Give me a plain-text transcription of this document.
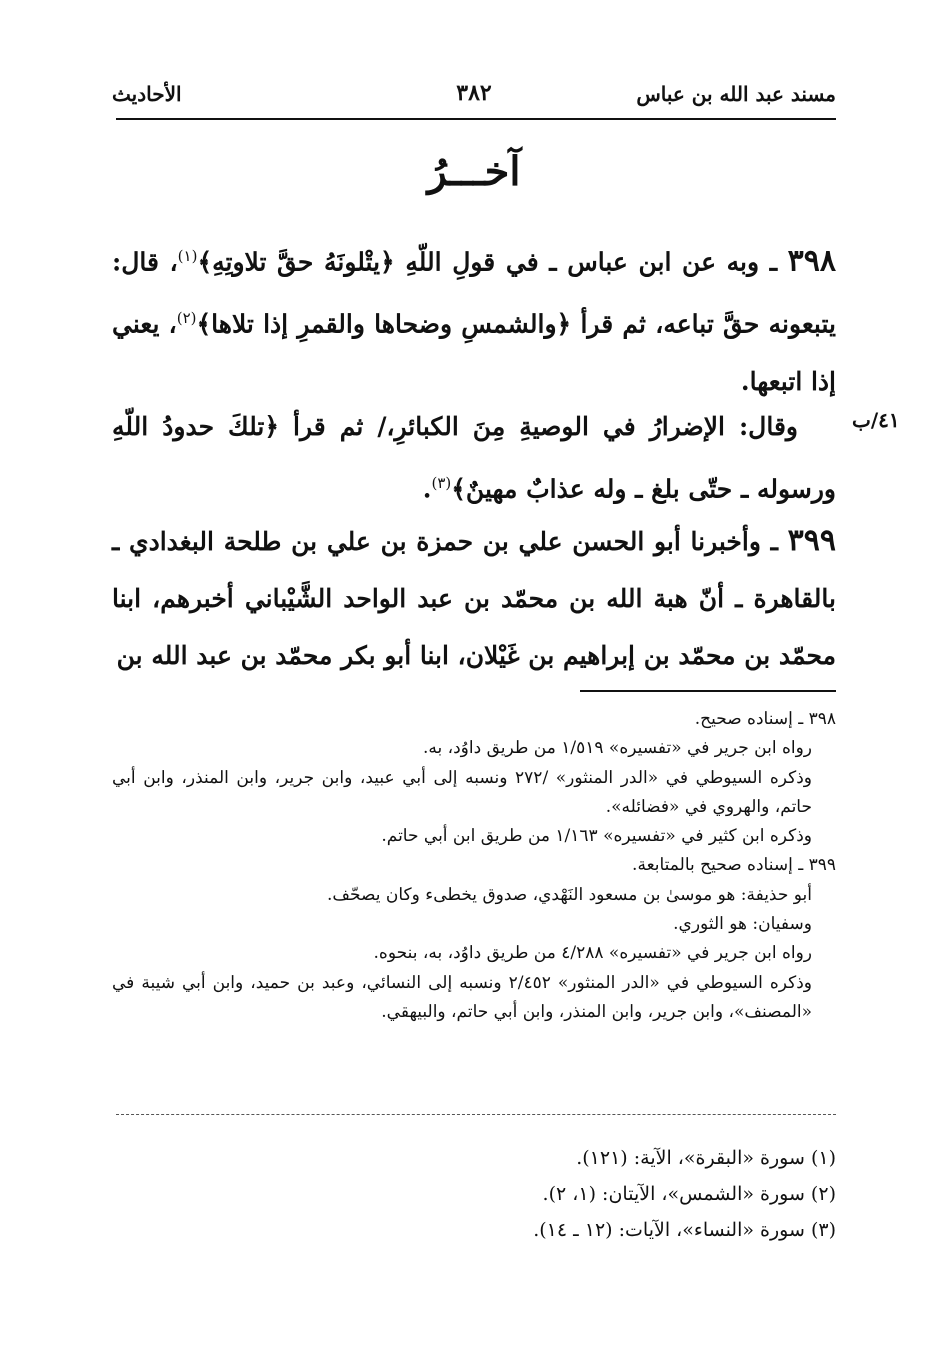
مسند عبد الله بن عباس
٣٨٢
الأحاديث
آخـــرُ
٣٩٨ ـ وبه عن ابن عباس ـ في قولِ اللّهِ ﴿يتْلونَهُ حقَّ تلاوتِهِ﴾$^{(١)}$، قال: يتبعونه حقَّ تباعه، ثم قرأ ﴿والشمسِ وضحاها والقمرِ إذا تلاها﴾$^{(٢)}$، يعني إذا اتبعها.
٤١/ب
وقال: الإضرارُ في الوصيةِ مِنَ الكبائرِ،/ ثم قرأ ﴿تلكَ حدودُ اللّهِ ورسوله ـ حتّى بلغ ـ وله عذابٌ مهينٌ﴾$^{(٣)}$.
٣٩٩ ـ وأخبرنا أبو الحسن علي بن حمزة بن علي بن طلحة البغدادي ـ بالقاهرة ـ أنّ هبة الله بن محمّد بن عبد الواحد الشَّيْباني أخبرهم، ابنا محمّد بن محمّد بن إبراهيم بن غَيْلان، ابنا أبو بكر محمّد بن عبد الله بن
٣٩٨ ـ إسناده صحيح.
رواه ابن جرير في «تفسيره» ١/٥١٩ من طريق داوُد، به.
وذكره السيوطي في «الدر المنثور» /٢٧٢ ونسبه إلى أبي عبيد، وابن جرير، وابن المنذر، وابن أبي حاتم، والهروي في «فضائله».
وذكره ابن كثير في «تفسيره» ١/١٦٣ من طريق ابن أبي حاتم.
٣٩٩ ـ إسناده صحيح بالمتابعة.
أبو حذيفة: هو موسىٰ بن مسعود النَهْدي، صدوق يخطىء وكان يصحّف.
وسفيان: هو الثوري.
رواه ابن جرير في «تفسيره» ٤/٢٨٨ من طريق داوُد، به، بنحوه.
وذكره السيوطي في «الدر المنثور» ٢/٤٥٢ ونسبه إلى النسائي، وعبد بن حميد، وابن أبي شيبة في «المصنف»، وابن جرير، وابن المنذر، وابن أبي حاتم، والبيهقي.
(١) سورة «البقرة»، الآية: (١٢١).
(٢) سورة «الشمس»، الآيتان: (١، ٢).
(٣) سورة «النساء»، الآيات: (١٢ ـ ١٤).
